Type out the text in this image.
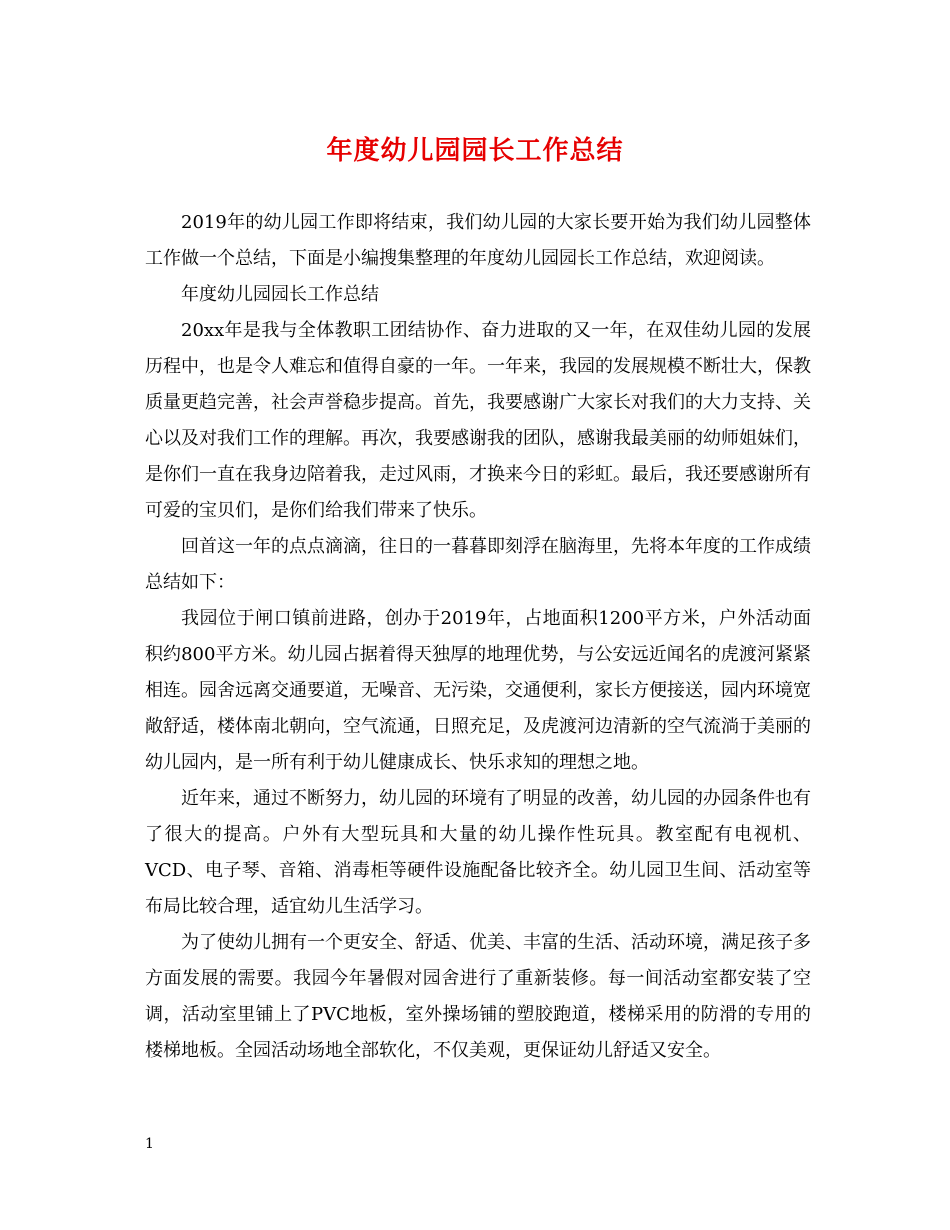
年度幼儿园园长工作总结

2019年的幼儿园工作即将结束，我们幼儿园的大家长要开始为我们幼儿园整体工作做一个总结，下面是小编搜集整理的年度幼儿园园长工作总结，欢迎阅读。

年度幼儿园园长工作总结

20xx年是我与全体教职工团结协作、奋力进取的又一年，在双佳幼儿园的发展历程中，也是令人难忘和值得自豪的一年。一年来，我园的发展规模不断壮大，保教质量更趋完善，社会声誉稳步提高。首先，我要感谢广大家长对我们的大力支持、关心以及对我们工作的理解。再次，我要感谢我的团队，感谢我最美丽的幼师姐妹们，是你们一直在我身边陪着我，走过风雨，才换来今日的彩虹。最后，我还要感谢所有可爱的宝贝们，是你们给我们带来了快乐。

回首这一年的点点滴滴，往日的一暮暮即刻浮在脑海里，先将本年度的工作成绩总结如下：

我园位于闸口镇前进路，创办于2019年，占地面积1200平方米，户外活动面积约800平方米。幼儿园占据着得天独厚的地理优势，与公安远近闻名的虎渡河紧紧相连。园舍远离交通要道，无噪音、无污染，交通便利，家长方便接送，园内环境宽敞舒适，楼体南北朝向，空气流通，日照充足，及虎渡河边清新的空气流淌于美丽的幼儿园内，是一所有利于幼儿健康成长、快乐求知的理想之地。

近年来，通过不断努力，幼儿园的环境有了明显的改善，幼儿园的办园条件也有了很大的提高。户外有大型玩具和大量的幼儿操作性玩具。教室配有电视机、VCD、电子琴、音箱、消毒柜等硬件设施配备比较齐全。幼儿园卫生间、活动室等布局比较合理，适宜幼儿生活学习。

为了使幼儿拥有一个更安全、舒适、优美、丰富的生活、活动环境，满足孩子多方面发展的需要。我园今年暑假对园舍进行了重新装修。每一间活动室都安装了空调，活动室里铺上了PVC地板，室外操场铺的塑胶跑道，楼梯采用的防滑的专用的楼梯地板。全园活动场地全部软化，不仅美观，更保证幼儿舒适又安全。

1
